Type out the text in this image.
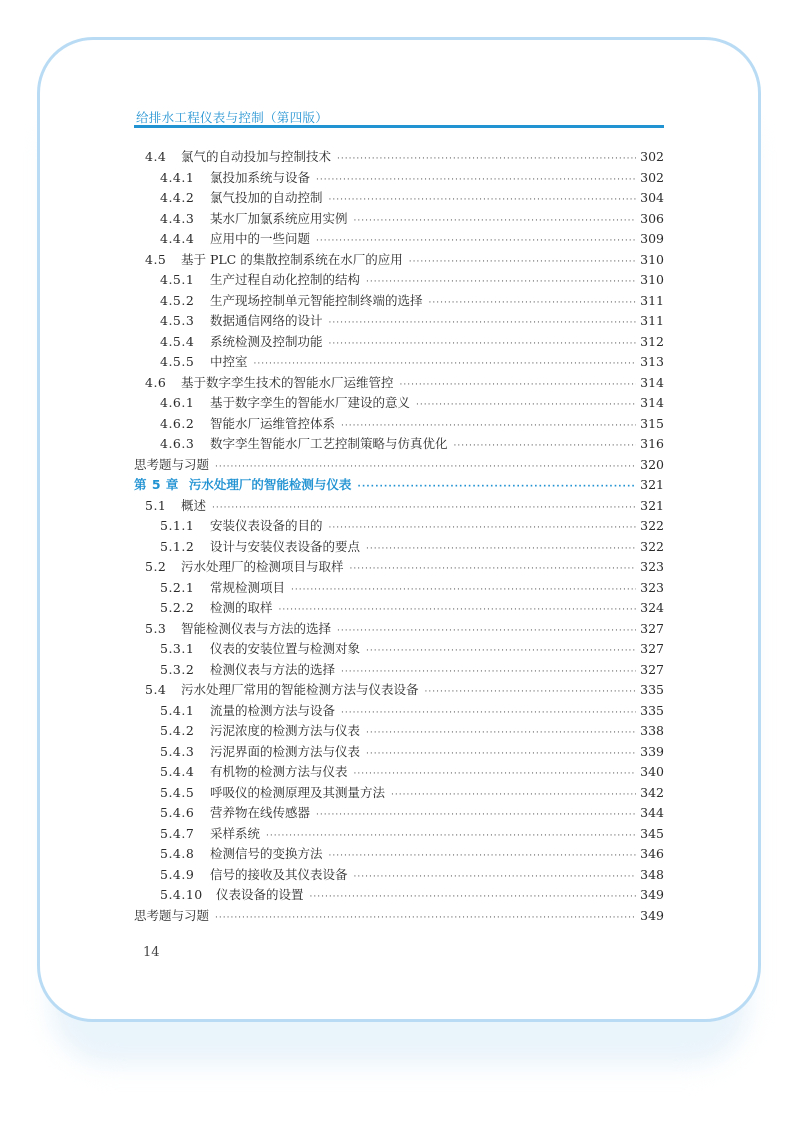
给排水工程仪表与控制（第四版）
4.4	氯气的自动投加与控制技术 ·····	302
4.4.1	氯投加系统与设备 ·····	302
4.4.2	氯气投加的自动控制 ·····	304
4.4.3	某水厂加氯系统应用实例 ·····	306
4.4.4	应用中的一些问题 ·····	309
4.5	基于 PLC 的集散控制系统在水厂的应用 ·····	310
4.5.1	生产过程自动化控制的结构 ·····	310
4.5.2	生产现场控制单元智能控制终端的选择 ·····	311
4.5.3	数据通信网络的设计 ·····	311
4.5.4	系统检测及控制功能 ·····	312
4.5.5	中控室 ·····	313
4.6	基于数字孪生技术的智能水厂运维管控 ·····	314
4.6.1	基于数字孪生的智能水厂建设的意义 ·····	314
4.6.2	智能水厂运维管控体系 ·····	315
4.6.3	数字孪生智能水厂工艺控制策略与仿真优化 ·····	316
思考题与习题 ·····	320
第 5 章 污水处理厂的智能检测与仪表 ·····	321
5.1	概述 ·····	321
5.1.1	安装仪表设备的目的 ·····	322
5.1.2	设计与安装仪表设备的要点 ·····	322
5.2	污水处理厂的检测项目与取样 ·····	323
5.2.1	常规检测项目 ·····	323
5.2.2	检测的取样 ·····	324
5.3	智能检测仪表与方法的选择 ·····	327
5.3.1	仪表的安装位置与检测对象 ·····	327
5.3.2	检测仪表与方法的选择 ·····	327
5.4	污水处理厂常用的智能检测方法与仪表设备 ·····	335
5.4.1	流量的检测方法与设备 ·····	335
5.4.2	污泥浓度的检测方法与仪表 ·····	338
5.4.3	污泥界面的检测方法与仪表 ·····	339
5.4.4	有机物的检测方法与仪表 ·····	340
5.4.5	呼吸仪的检测原理及其测量方法 ·····	342
5.4.6	营养物在线传感器 ·····	344
5.4.7	采样系统 ·····	345
5.4.8	检测信号的变换方法 ·····	346
5.4.9	信号的接收及其仪表设备 ·····	348
5.4.10 仪表设备的设置 ·····	349
思考题与习题 ·····	349
14
